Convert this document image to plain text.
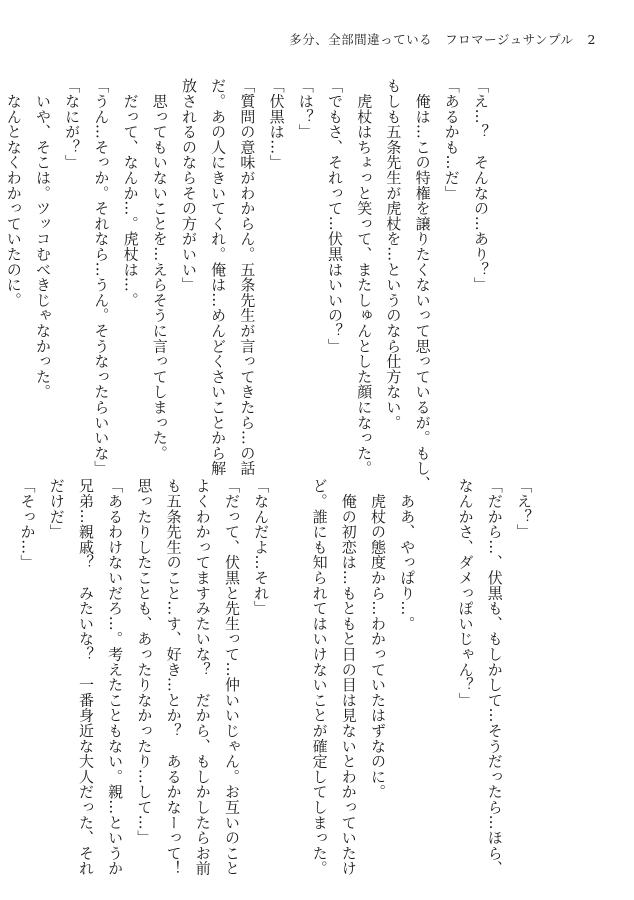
多分、全部間違っている　フロマージュサンプル 2
「え…？　そんなの…あり？」
「あるかも…だ」
　俺は…この特権を譲りたくないって思っているが。もし、
もしも五条先生が虎杖を…というのなら仕方ない。
　虎杖はちょっと笑って、またしゅんとした顔になった。
「でもさ、それって…伏黒はいいの？」
「は？」
「伏黒は…」
「質問の意味がわからん。五条先生が言ってきたら…の話
だ。あの人にきいてくれ。俺は…めんどくさいことから解
放されるのならその方がいい」
　思ってもいないことを…えらそうに言ってしまった。
　だって、なんか…。虎杖は…。
「うん…そっか。それなら…うん。そうなったらいいな」
「なにが？」
　いや、そこは。ツッコむべきじゃなかった。
　なんとなくわかっていたのに。
「え？」
「だから…、伏黒も、もしかして…そうだったら…ほら、
なんかさ、ダメっぽいじゃん？」

　ああ、やっぱり…。
　虎杖の態度から…わかっていたはずなのに。
　俺の初恋は…もともと日の目は見ないとわかっていたけ
ど。誰にも知られてはいけないことが確定してしまった。

「なんだよ…それ」
「だって、伏黒と先生って…仲いいじゃん。お互いのこと
よくわかってますみたいな？　だから、もしかしたらお前
も五条先生のこと…す、好き…とか？　あるかなーって！
思ったりしたことも、あったりなかったり…して…」
「あるわけないだろ…。考えたこともない。親…というか
兄弟…親戚？　みたいな？　一番身近な大人だった、それ
だけだ」
「そっか…」
